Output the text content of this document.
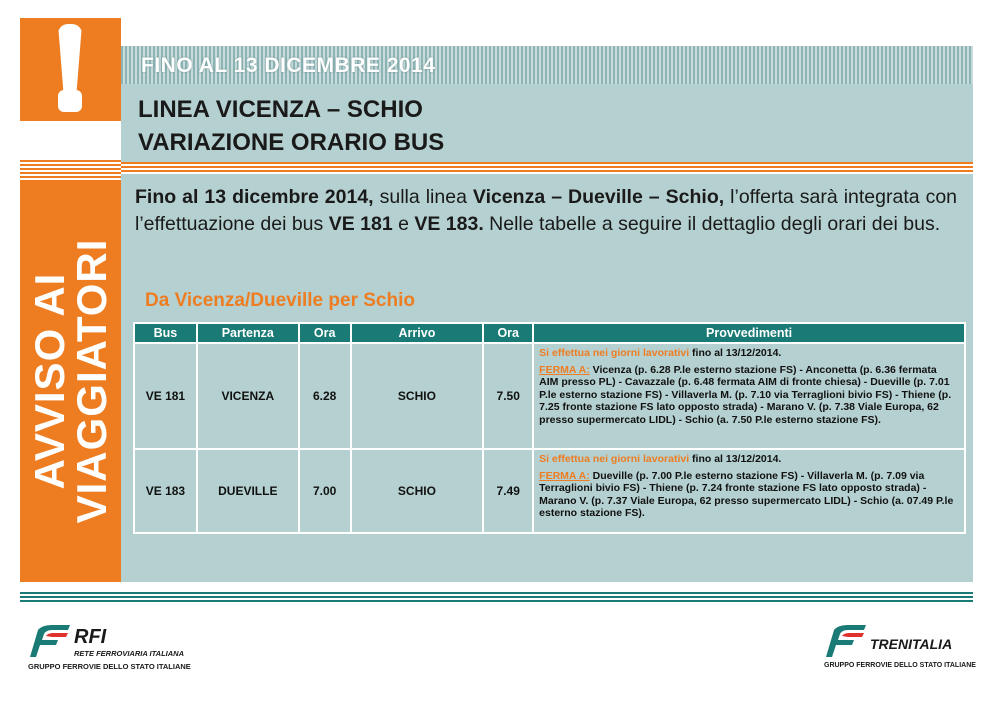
AVVISO AI
VIAGGIATORI
FINO AL 13 DICEMBRE 2014
LINEA VICENZA – SCHIO
VARIAZIONE ORARIO BUS

Fino al 13 dicembre 2014, sulla linea Vicenza – Dueville – Schio, l’offerta sarà integrata con l’effettuazione dei bus VE 181 e VE 183. Nelle tabelle a seguire il dettaglio degli orari dei bus.

Da Vicenza/Dueville per Schio
Bus	Partenza	Ora	Arrivo	Ora	Provvedimenti
VE 181	VICENZA	6.28	SCHIO	7.50	Si effettua nei giorni lavorativi fino al 13/12/2014.
FERMA A: Vicenza (p. 6.28 P.le esterno stazione FS) - Anconetta (p. 6.36 fermata AIM presso PL) - Cavazzale (p. 6.48 fermata AIM di fronte chiesa) - Dueville (p. 7.01 P.le esterno stazione FS) - Villaverla M. (p. 7.10 via Terraglioni bivio FS) - Thiene (p. 7.25 fronte stazione FS lato opposto strada) - Marano V. (p. 7.38 Viale Europa, 62 presso supermercato LIDL) - Schio (a. 7.50 P.le esterno stazione FS).

VE 183	DUEVILLE	7.00	SCHIO	7.49	Si effettua nei giorni lavorativi fino al 13/12/2014.
FERMA A: Dueville (p. 7.00 P.le esterno stazione FS) - Villaverla M. (p. 7.09 via Terraglioni bivio FS) - Thiene (p. 7.24 fronte stazione FS lato opposto strada) - Marano V. (p. 7.37 Viale Europa, 62 presso supermercato LIDL) - Schio (a. 07.49 P.le esterno stazione FS).
RFI
RETE FERROVIARIA ITALIANA
GRUPPO FERROVIE DELLO STATO ITALIANE
TRENITALIA
GRUPPO FERROVIE DELLO STATO ITALIANE
